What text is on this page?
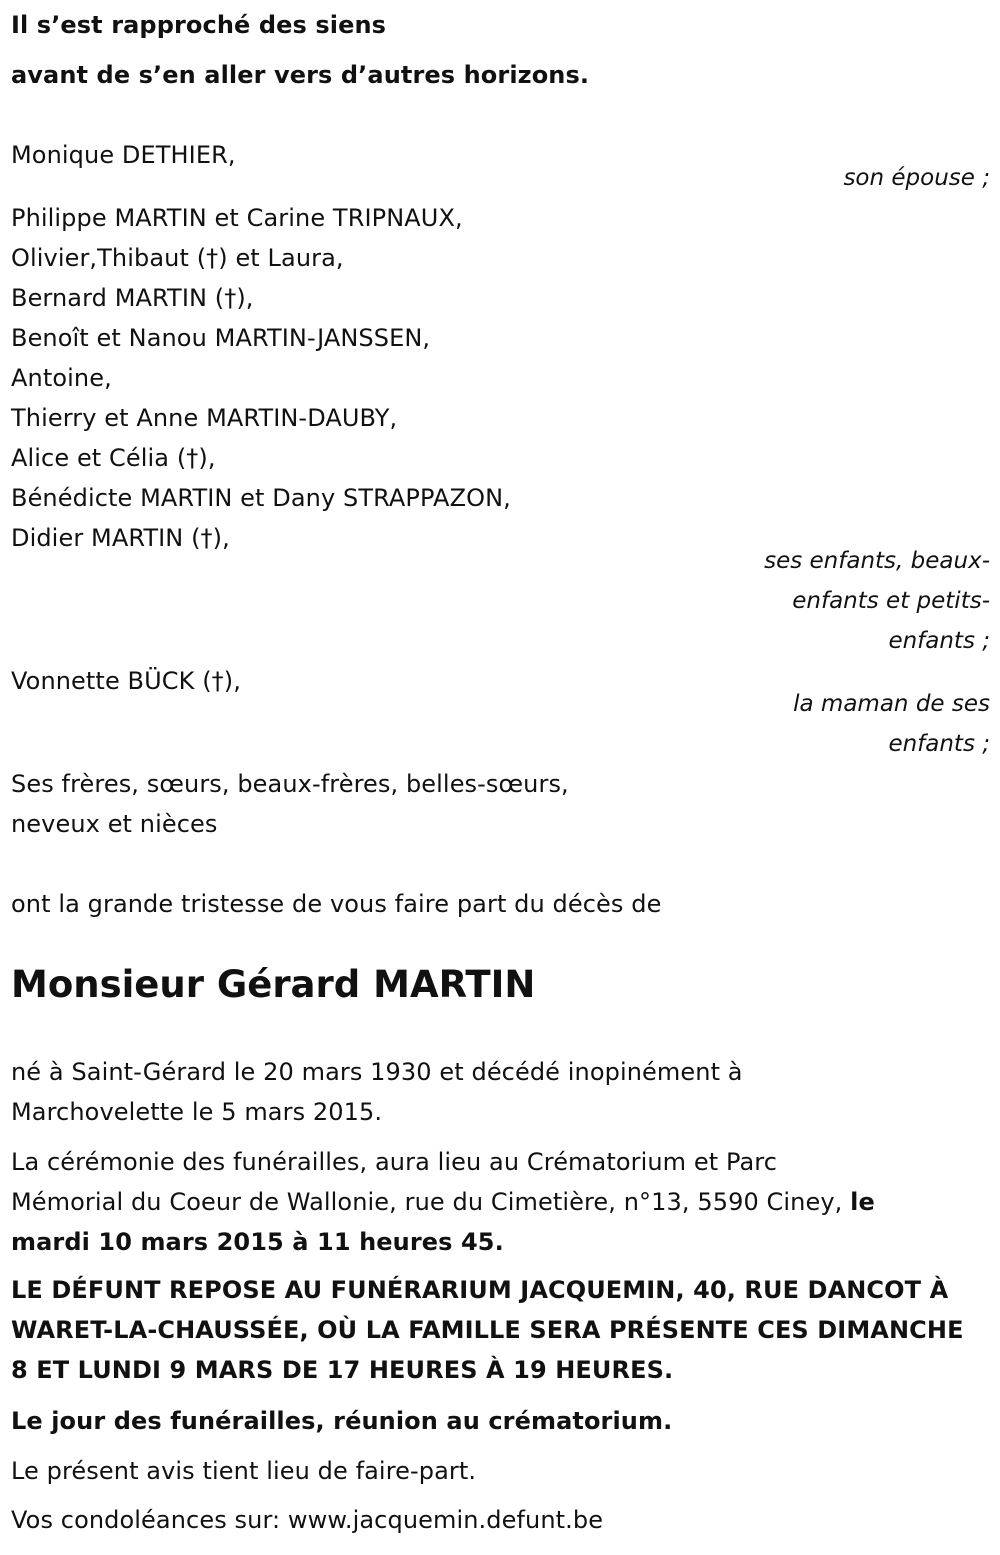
Il s’est rapproché des siens
avant de s’en aller vers d’autres horizons.
Monique DETHIER,
son épouse ;
Philippe MARTIN et Carine TRIPNAUX,
Olivier,Thibaut (†) et Laura,
Bernard MARTIN (†),
Benoît et Nanou MARTIN-JANSSEN,
Antoine,
Thierry et Anne MARTIN-DAUBY,
Alice et Célia (†),
Bénédicte MARTIN et Dany STRAPPAZON,
Didier MARTIN (†),
ses enfants, beaux-
enfants et petits-
enfants ;
Vonnette BÜCK (†),
la maman de ses
enfants ;
Ses frères, sœurs, beaux-frères, belles-sœurs,
neveux et nièces
ont la grande tristesse de vous faire part du décès de
Monsieur Gérard MARTIN
né à Saint-Gérard le 20 mars 1930 et décédé inopinément à
Marchovelette le 5 mars 2015.
La cérémonie des funérailles, aura lieu au Crématorium et Parc
Mémorial du Coeur de Wallonie, rue du Cimetière, n°13, 5590 Ciney, le
mardi 10 mars 2015 à 11 heures 45.
LE DÉFUNT REPOSE AU FUNÉRARIUM JACQUEMIN, 40, RUE DANCOT À
WARET-LA-CHAUSSÉE, OÙ LA FAMILLE SERA PRÉSENTE CES DIMANCHE
8 ET LUNDI 9 MARS DE 17 HEURES À 19 HEURES.
Le jour des funérailles, réunion au crématorium.
Le présent avis tient lieu de faire-part.
Vos condoléances sur: www.jacquemin.defunt.be
